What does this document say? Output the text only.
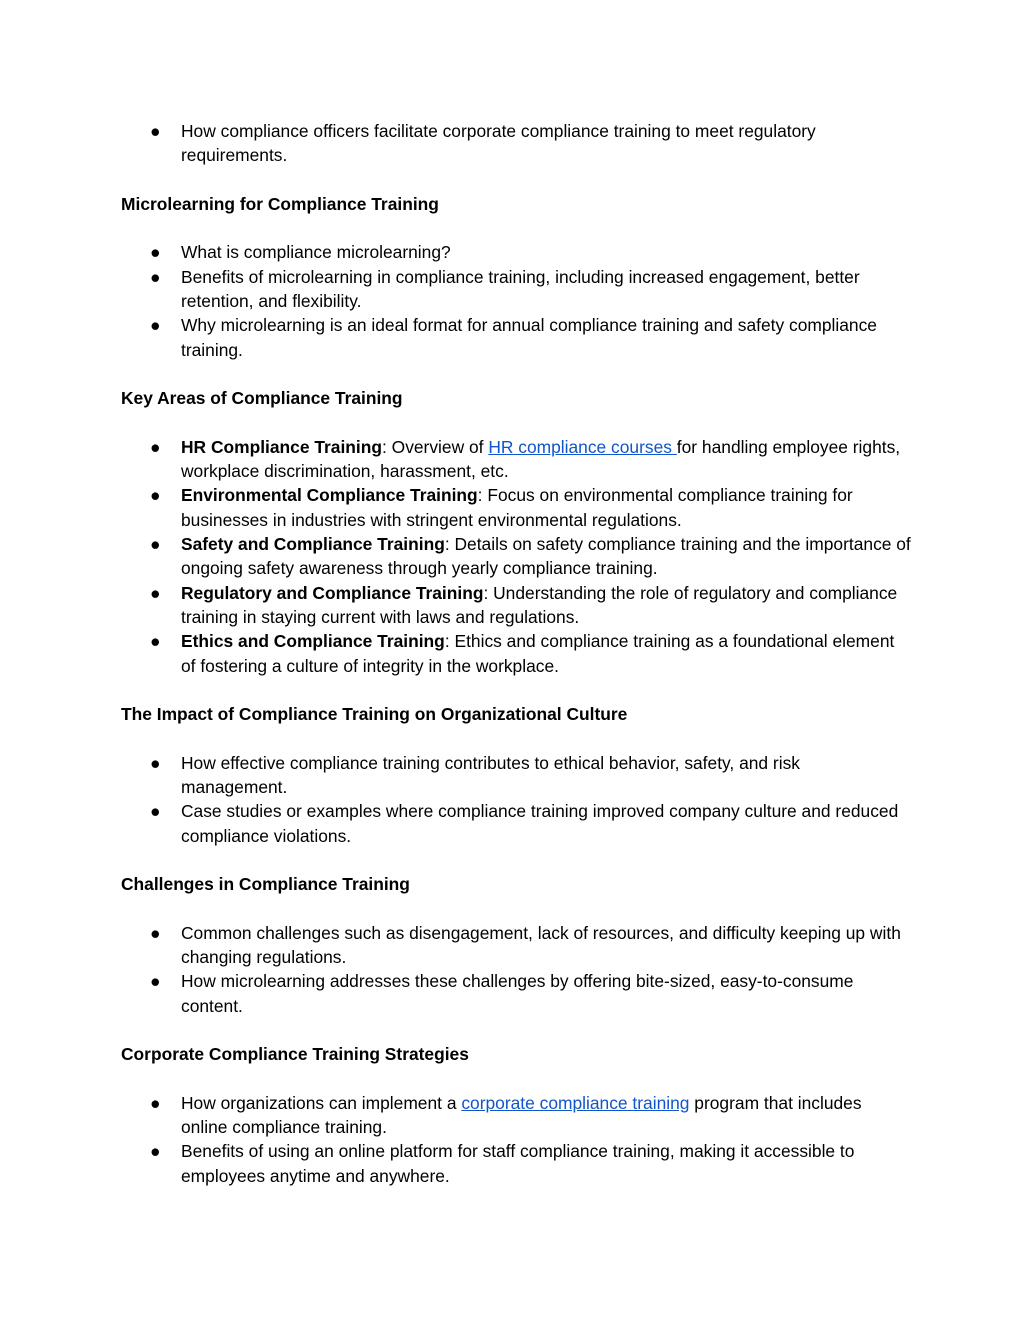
●	How compliance officers facilitate corporate compliance training to meet regulatory requirements.
Microlearning for Compliance Training
●	What is compliance microlearning?
●	Benefits of microlearning in compliance training, including increased engagement, better retention, and flexibility.
●	Why microlearning is an ideal format for annual compliance training and safety compliance training.
Key Areas of Compliance Training
●	HR Compliance Training: Overview of HR compliance courses for handling employee rights, workplace discrimination, harassment, etc.
●	Environmental Compliance Training: Focus on environmental compliance training for businesses in industries with stringent environmental regulations.
●	Safety and Compliance Training: Details on safety compliance training and the importance of ongoing safety awareness through yearly compliance training.
●	Regulatory and Compliance Training: Understanding the role of regulatory and compliance training in staying current with laws and regulations.
●	Ethics and Compliance Training: Ethics and compliance training as a foundational element of fostering a culture of integrity in the workplace.
The Impact of Compliance Training on Organizational Culture
●	How effective compliance training contributes to ethical behavior, safety, and risk management.
●	Case studies or examples where compliance training improved company culture and reduced compliance violations.
Challenges in Compliance Training
●	Common challenges such as disengagement, lack of resources, and difficulty keeping up with changing regulations.
●	How microlearning addresses these challenges by offering bite-sized, easy-to-consume content.
Corporate Compliance Training Strategies
●	How organizations can implement a corporate compliance training program that includes online compliance training.
●	Benefits of using an online platform for staff compliance training, making it accessible to employees anytime and anywhere.
